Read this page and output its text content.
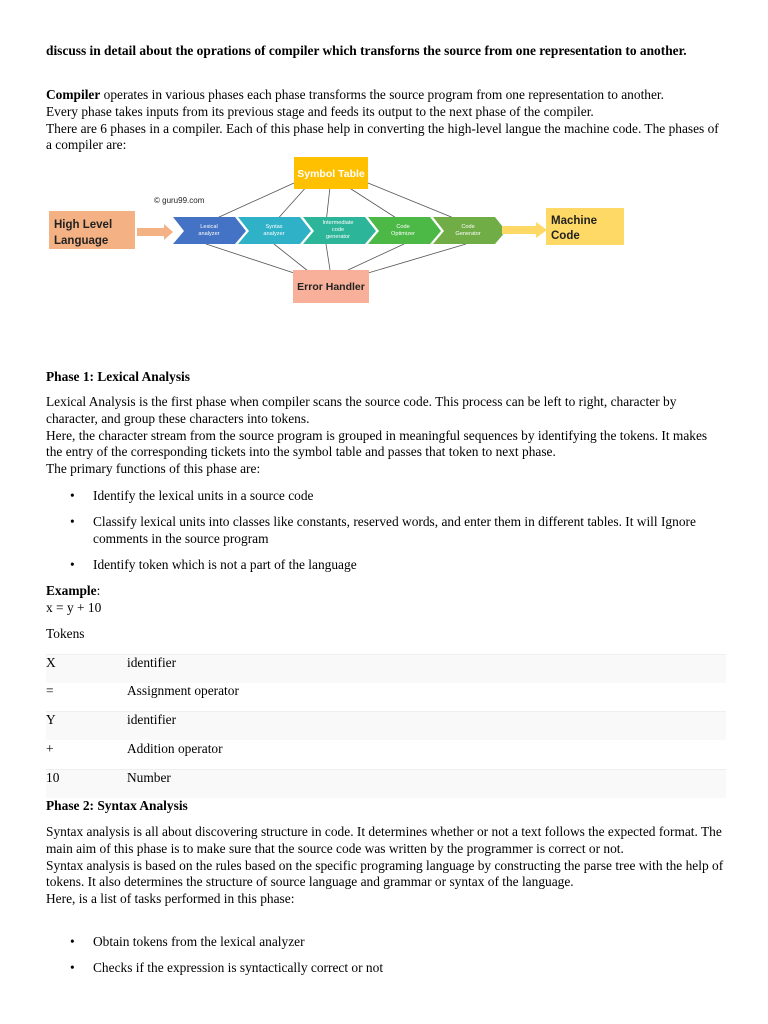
discuss in detail about the oprations of compiler which transforns the source from one representation to another.

Compiler operates in various phases each phase transforms the source program from one representation to another.
Every phase takes inputs from its previous stage and feeds its output to the next phase of the compiler.
There are 6 phases in a compiler. Each of this phase help in converting the high-level langue the machine code. The phases of a compiler are:
© guru99.com
High Level
Language
Lexical
analyzer
Syntax
analyzer
Intermediate
code
generator
Code
Optimizer
Code
Generator
Machine
Code
Symbol Table
Error Handler

Phase 1: Lexical Analysis

Lexical Analysis is the first phase when compiler scans the source code. This process can be left to right, character by character, and group these characters into tokens.
Here, the character stream from the source program is grouped in meaningful sequences by identifying the tokens. It makes the entry of the corresponding tickets into the symbol table and passes that token to next phase.
The primary functions of this phase are:
• Identify the lexical units in a source code
• Classify lexical units into classes like constants, reserved words, and enter them in different tables. It will Ignore comments in the source program
• Identify token which is not a part of the language
Example:
x = y + 10

Tokens

X	identifier
=	Assignment operator
Y	identifier
+	Addition operator
10	Number

Phase 2: Syntax Analysis

Syntax analysis is all about discovering structure in code. It determines whether or not a text follows the expected format. The main aim of this phase is to make sure that the source code was written by the programmer is correct or not.
Syntax analysis is based on the rules based on the specific programing language by constructing the parse tree with the help of tokens. It also determines the structure of source language and grammar or syntax of the language.
Here, is a list of tasks performed in this phase:
• Obtain tokens from the lexical analyzer
• Checks if the expression is syntactically correct or not
